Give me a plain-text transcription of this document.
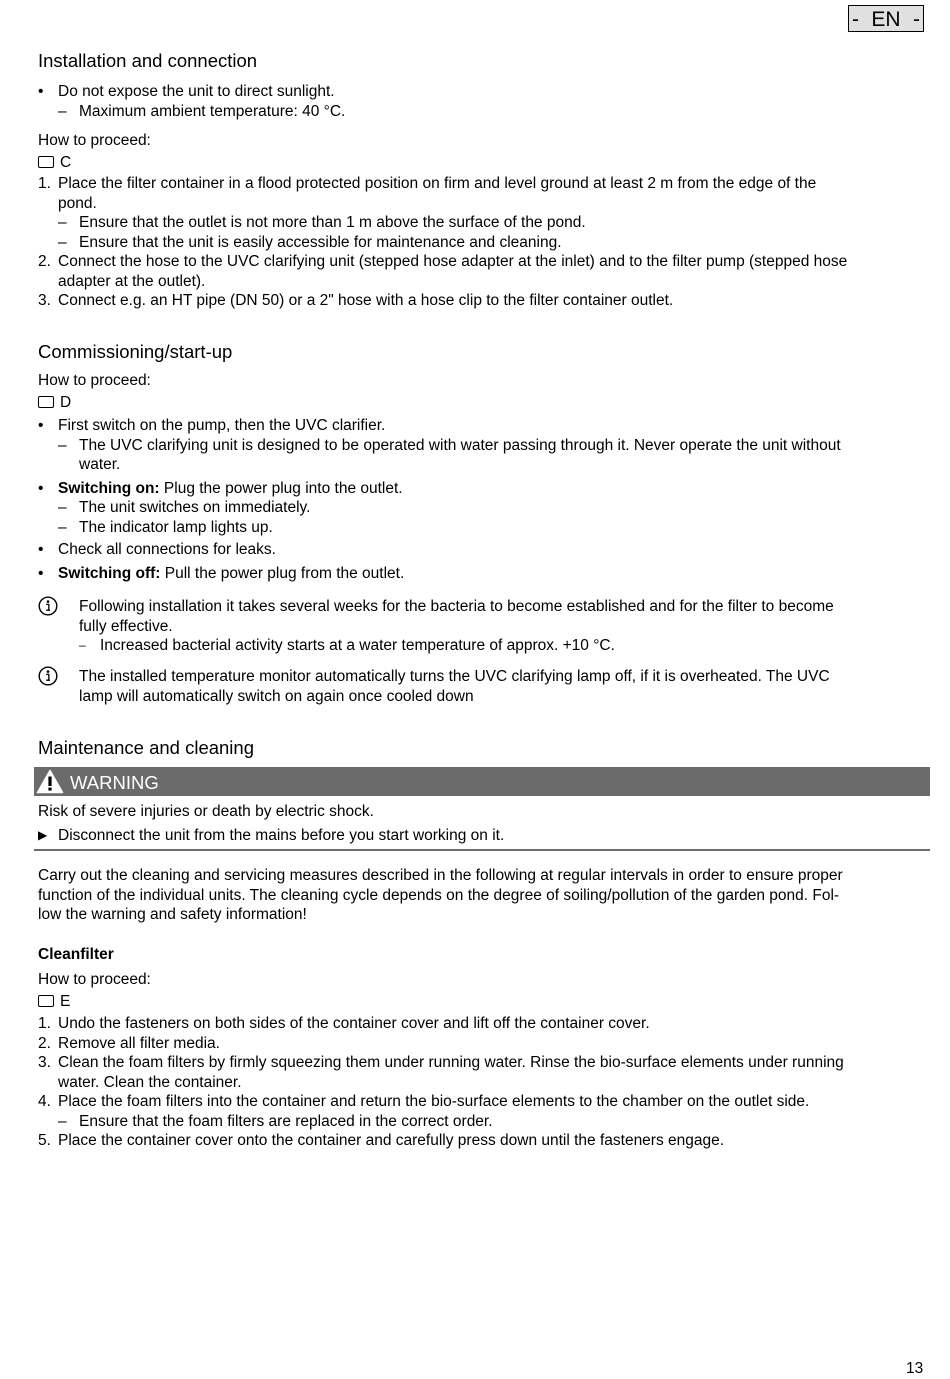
- EN -
Installation and connection
• Do not expose the unit to direct sunlight.
– Maximum ambient temperature: 40 °C.
How to proceed:
C
1. Place the filter container in a flood protected position on firm and level ground at least 2 m from the edge of the
pond.
– Ensure that the outlet is not more than 1 m above the surface of the pond.
– Ensure that the unit is easily accessible for maintenance and cleaning.
2. Connect the hose to the UVC clarifying unit (stepped hose adapter at the inlet) and to the filter pump (stepped hose
adapter at the outlet).
3. Connect e.g. an HT pipe (DN 50) or a 2" hose with a hose clip to the filter container outlet.
Commissioning/start-up
How to proceed:
D
• First switch on the pump, then the UVC clarifier.
– The UVC clarifying unit is designed to be operated with water passing through it. Never operate the unit without
water.
• Switching on: Plug the power plug into the outlet.
– The unit switches on immediately.
– The indicator lamp lights up.
• Check all connections for leaks.
• Switching off: Pull the power plug from the outlet.
Following installation it takes several weeks for the bacteria to become established and for the filter to become
fully effective.
– Increased bacterial activity starts at a water temperature of approx. +10 °C.
The installed temperature monitor automatically turns the UVC clarifying lamp off, if it is overheated. The UVC
lamp will automatically switch on again once cooled down
Maintenance and cleaning
WARNING
Risk of severe injuries or death by electric shock.
▶ Disconnect the unit from the mains before you start working on it.
Carry out the cleaning and servicing measures described in the following at regular intervals in order to ensure proper
function of the individual units. The cleaning cycle depends on the degree of soiling/pollution of the garden pond. Fol-
low the warning and safety information!
Cleanfilter
How to proceed:
E
1. Undo the fasteners on both sides of the container cover and lift off the container cover.
2. Remove all filter media.
3. Clean the foam filters by firmly squeezing them under running water. Rinse the bio-surface elements under running
water. Clean the container.
4. Place the foam filters into the container and return the bio-surface elements to the chamber on the outlet side.
– Ensure that the foam filters are replaced in the correct order.
5. Place the container cover onto the container and carefully press down until the fasteners engage.
13
